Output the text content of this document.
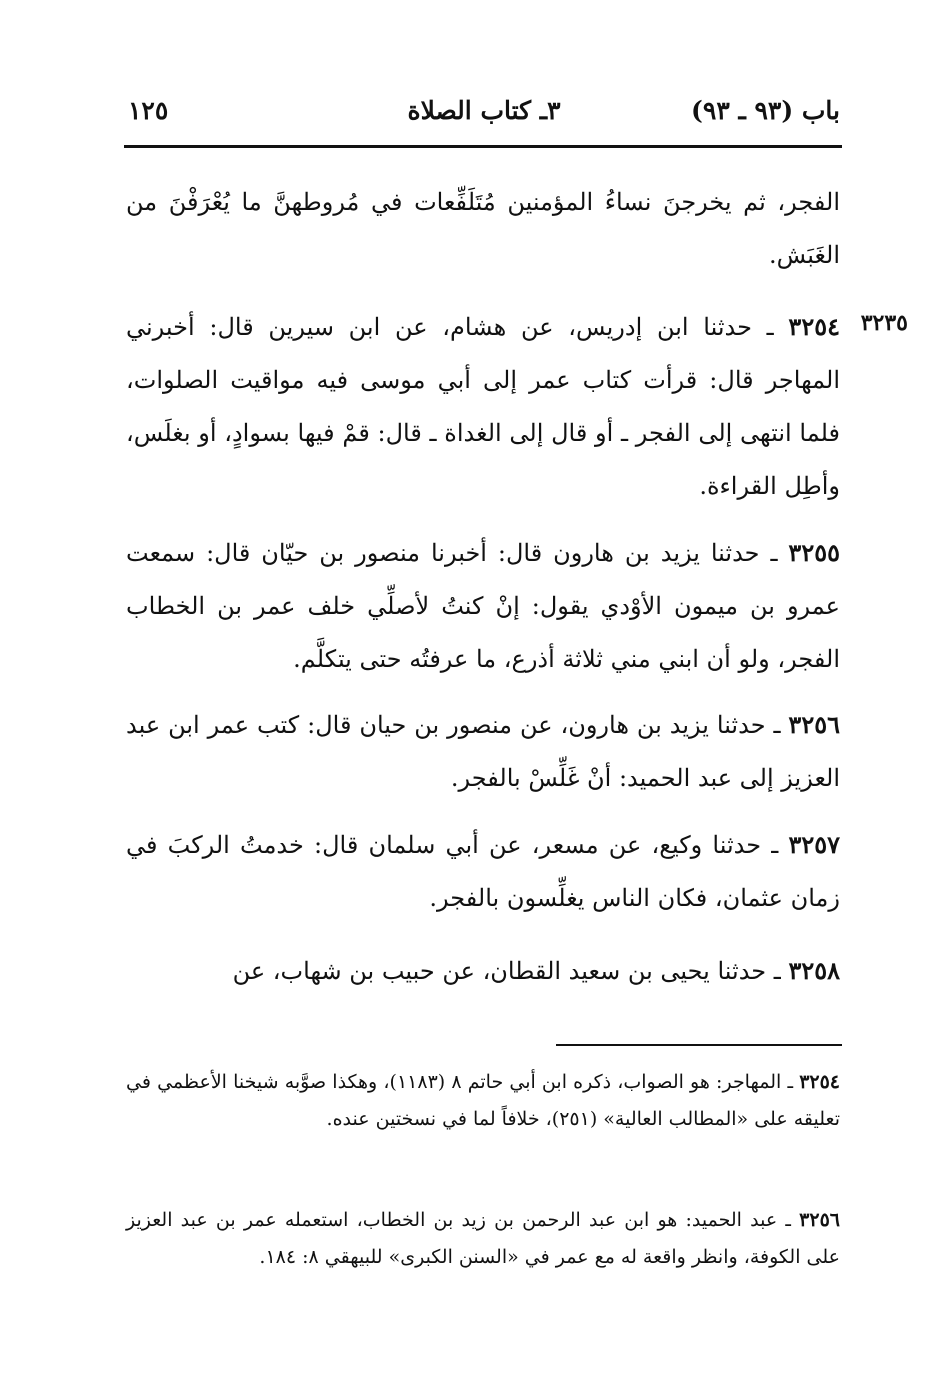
باب (٩٣ ـ ٩٣)
٣ـ كتاب الصلاة
١٢٥

الفجر، ثم يخرجنَ نساءُ المؤمنين مُتَلَفِّعات في مُروطهنَّ ما يُعْرَفْنَ من الغَبَش.

٣٢٣٥

٣٢٥٤ ـ حدثنا ابن إدريس، عن هشام، عن ابن سيرين قال: أخبرني المهاجر قال: قرأت كتاب عمر إلى أبي موسى فيه مواقيت الصلوات، فلما انتهى إلى الفجر ـ أو قال إلى الغداة ـ قال: قمْ فيها بسوادٍ، أو بغلَس، وأطِل القراءة.

٣٢٥٥ ـ حدثنا يزيد بن هارون قال: أخبرنا منصور بن حيّان قال: سمعت عمرو بن ميمون الأوْدي يقول: إنْ كنتُ لأصلِّي خلف عمر بن الخطاب الفجر، ولو أن ابني مني ثلاثة أذرع، ما عرفتُه حتى يتكلَّم.

٣٢٥٦ ـ حدثنا يزيد بن هارون، عن منصور بن حيان قال: كتب عمر ابن عبد العزيز إلى عبد الحميد: أنْ غَلِّسْ بالفجر.

٣٢٥٧ ـ حدثنا وكيع، عن مسعر، عن أبي سلمان قال: خدمتُ الركبَ في زمان عثمان، فكان الناس يغلِّسون بالفجر.

٣٢٥٨ ـ حدثنا يحيى بن سعيد القطان، عن حبيب بن شهاب، عن

٣٢٥٤ ـ المهاجر: هو الصواب، ذكره ابن أبي حاتم ٨ (١١٨٣)، وهكذا صوَّبه شيخنا الأعظمي في تعليقه على «المطالب العالية» (٢٥١)، خلافاً لما في نسختين عنده.

٣٢٥٦ ـ عبد الحميد: هو ابن عبد الرحمن بن زيد بن الخطاب، استعمله عمر بن عبد العزيز على الكوفة، وانظر واقعة له مع عمر في «السنن الكبرى» للبيهقي ٨: ١٨٤.
